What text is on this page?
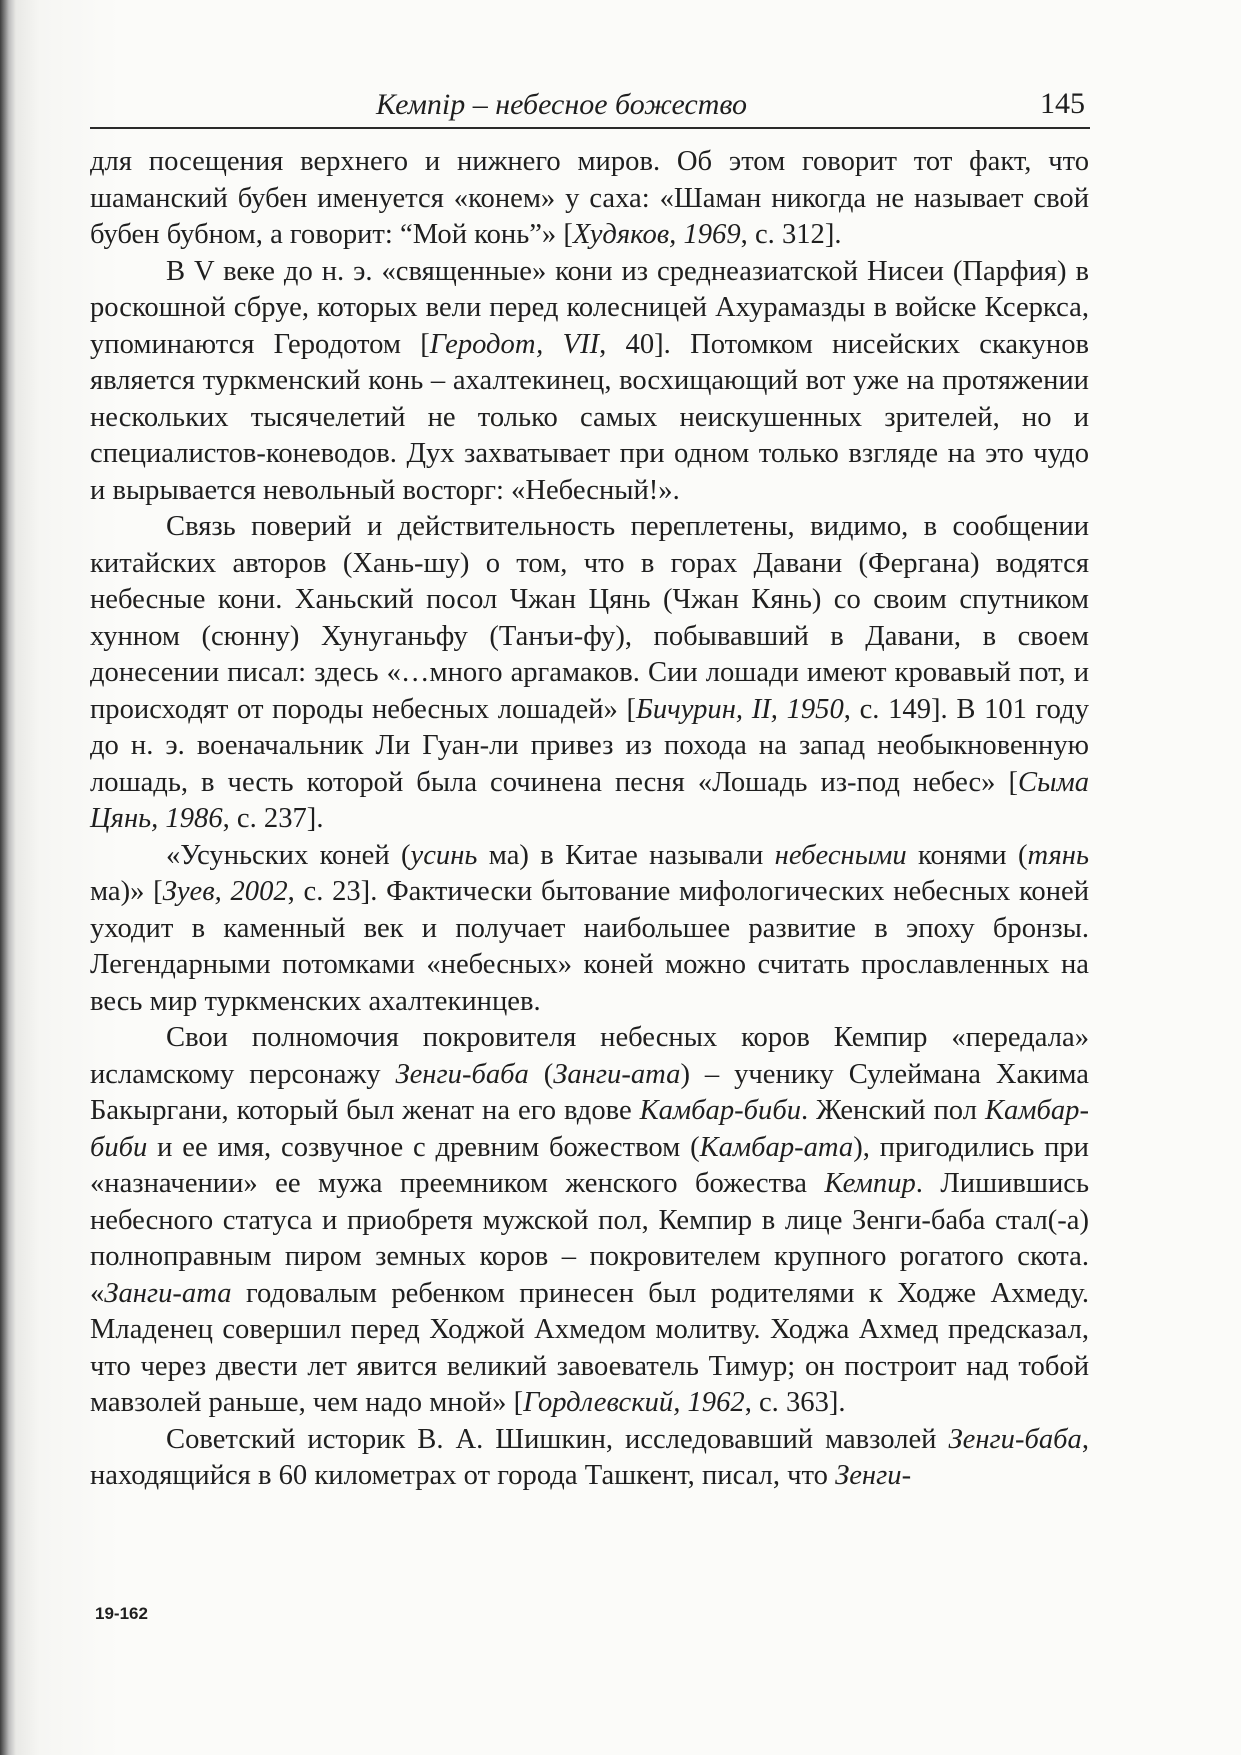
Кемпір – небесное божество	145

для посещения верхнего и нижнего миров. Об этом говорит тот факт, что шаманский бубен именуется «конем» у саха: «Шаман никогда не называет свой бубен бубном, а говорит: “Мой конь”» [Худяков, 1969, с. 312].

В V веке до н. э. «священные» кони из среднеазиатской Нисеи (Парфия) в роскошной сбруе, которых вели перед колесницей Ахурамазды в войске Ксеркса, упоминаются Геродотом [Геродот, VII, 40]. Потомком нисейских скакунов является туркменский конь – ахалтекинец, восхищающий вот уже на протяжении нескольких тысячелетий не только самых неискушенных зрителей, но и специалистов-коневодов. Дух захватывает при одном только взгляде на это чудо и вырывается невольный восторг: «Небесный!».

Связь поверий и действительность переплетены, видимо, в сообщении китайских авторов (Хань-шу) о том, что в горах Давани (Фергана) водятся небесные кони. Ханьский посол Чжан Цянь (Чжан Кянь) со своим спутником хунном (сюнну) Хунуганьфу (Танъи-фу), побывавший в Давани, в своем донесении писал: здесь «…много аргамаков. Сии лошади имеют кровавый пот, и происходят от породы небесных лошадей» [Бичурин, II, 1950, с. 149]. В 101 году до н. э. военачальник Ли Гуан-ли привез из похода на запад необыкновенную лошадь, в честь которой была сочинена песня «Лошадь из-под небес» [Сыма Цянь, 1986, с. 237].

«Усуньских коней (усинь ма) в Китае называли небесными конями (тянь ма)» [Зуев, 2002, с. 23]. Фактически бытование мифологических небесных коней уходит в каменный век и получает наибольшее развитие в эпоху бронзы. Легендарными потомками «небесных» коней можно считать прославленных на весь мир туркменских ахалтекинцев.

Свои полномочия покровителя небесных коров Кемпир «передала» исламскому персонажу Зенги-баба (Занги-ата) – ученику Сулеймана Хакима Бакыргани, который был женат на его вдове Камбар-биби. Женский пол Камбар-биби и ее имя, созвучное с древним божеством (Камбар-ата), пригодились при «назначении» ее мужа преемником женского божества Кемпир. Лишившись небесного статуса и приобретя мужской пол, Кемпир в лице Зенги-баба стал(-а) полноправным пиром земных коров – покровителем крупного рогатого скота. «Занги-ата годовалым ребенком принесен был родителями к Ходже Ахмеду. Младенец совершил перед Ходжой Ахмедом молитву. Ходжа Ахмед предсказал, что через двести лет явится великий завоеватель Тимур; он построит над тобой мавзолей раньше, чем надо мной» [Гордлевский, 1962, с. 363].

Советский историк В. А. Шишкин, исследовавший мавзолей Зенги-баба, находящийся в 60 километрах от города Ташкент, писал, что Зенги-

19-162
